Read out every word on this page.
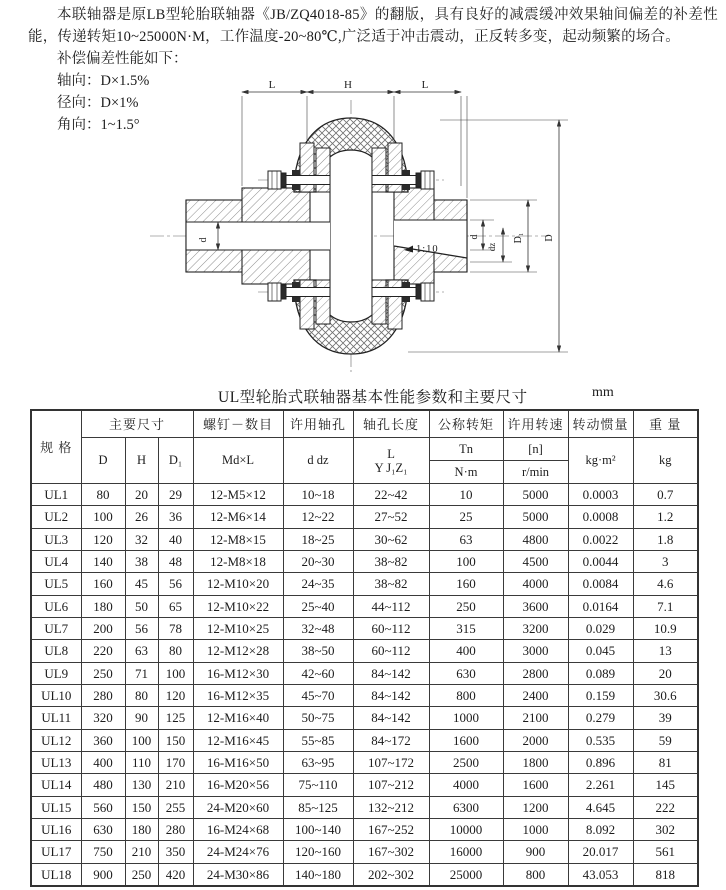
本联轴器是原LB型轮胎联轴器《JB/ZQ4018-85》的翻版，具有良好的减震缓冲效果轴间偏差的补差性能，传递转矩10~25000N·M，工作温度-20~80℃,广泛适于冲击震动，正反转多变，起动频繁的场合。

补偿偏差性能如下：
轴向：D×1.5%
径向：D×1%
角向：1~1.5°
1:10
L	H	L
d
d
dz
D₁ D
UL型轮胎式联轴器基本性能参数和主要尺寸	mm
规 格	主要尺寸			螺钉－数目	许用轴孔	轴孔长度	公称转矩	许用转速	转动惯量	重 量
	D	H	D₁	Md×L	d dz	L
Y J₁Z₁	Tn	[n]	kg·m²	kg
							N·m	r/min		
UL1	80	20	29	12-M5×12	10~18	22~42	10	5000	0.0003	0.7
UL2	100	26	36	12-M6×14	12~22	27~52	25	5000	0.0008	1.2
UL3	120	32	40	12-M8×15	18~25	30~62	63	4800	0.0022	1.8
UL4	140	38	48	12-M8×18	20~30	38~82	100	4500	0.0044	3
UL5	160	45	56	12-M10×20	24~35	38~82	160	4000	0.0084	4.6
UL6	180	50	65	12-M10×22	25~40	44~112	250	3600	0.0164	7.1
UL7	200	56	78	12-M10×25	32~48	60~112	315	3200	0.029	10.9
UL8	220	63	80	12-M12×28	38~50	60~112	400	3000	0.045	13
UL9	250	71	100	16-M12×30	42~60	84~142	630	2800	0.089	20
UL10	280	80	120	16-M12×35	45~70	84~142	800	2400	0.159	30.6
UL11	320	90	125	12-M16×40	50~75	84~142	1000	2100	0.279	39
UL12	360	100	150	12-M16×45	55~85	84~172	1600	2000	0.535	59
UL13	400	110	170	16-M16×50	63~95	107~172	2500	1800	0.896	81
UL14	480	130	210	16-M20×56	75~110	107~212	4000	1600	2.261	145
UL15	560	150	255	24-M20×60	85~125	132~212	6300	1200	4.645	222
UL16	630	180	280	16-M24×68	100~140	167~252	10000	1000	8.092	302
UL17	750	210	350	24-M24×76	120~160	167~302	16000	900	20.017	561
UL18	900	250	420	24-M30×86	140~180	202~302	25000	800	43.053	818
